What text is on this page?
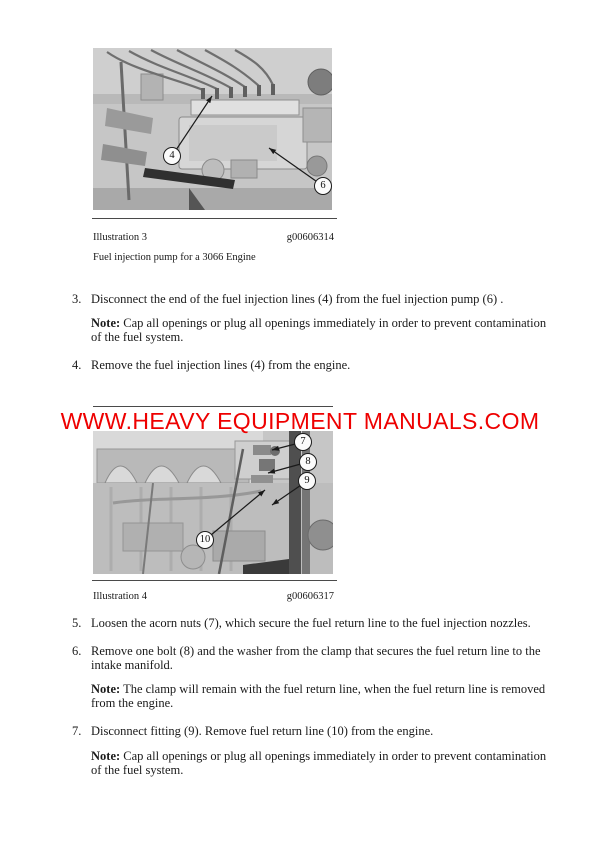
4
6
Illustration 3	g00606314
Fuel injection pump for a 3066 Engine
3. Disconnect the end of the fuel injection lines (4) from the fuel injection pump (6) .
Note: Cap all openings or plug all openings immediately in order to prevent contamination of the fuel system.
4. Remove the fuel injection lines (4) from the engine.
WWW.HEAVY EQUIPMENT MANUALS.COM
7
8
9
10
Illustration 4	g00606317
5. Loosen the acorn nuts (7), which secure the fuel return line to the fuel injection nozzles.
6. Remove one bolt (8) and the washer from the clamp that secures the fuel return line to the intake manifold.
Note: The clamp will remain with the fuel return line, when the fuel return line is removed from the engine.
7. Disconnect fitting (9). Remove fuel return line (10) from the engine.
Note: Cap all openings or plug all openings immediately in order to prevent contamination of the fuel system.
